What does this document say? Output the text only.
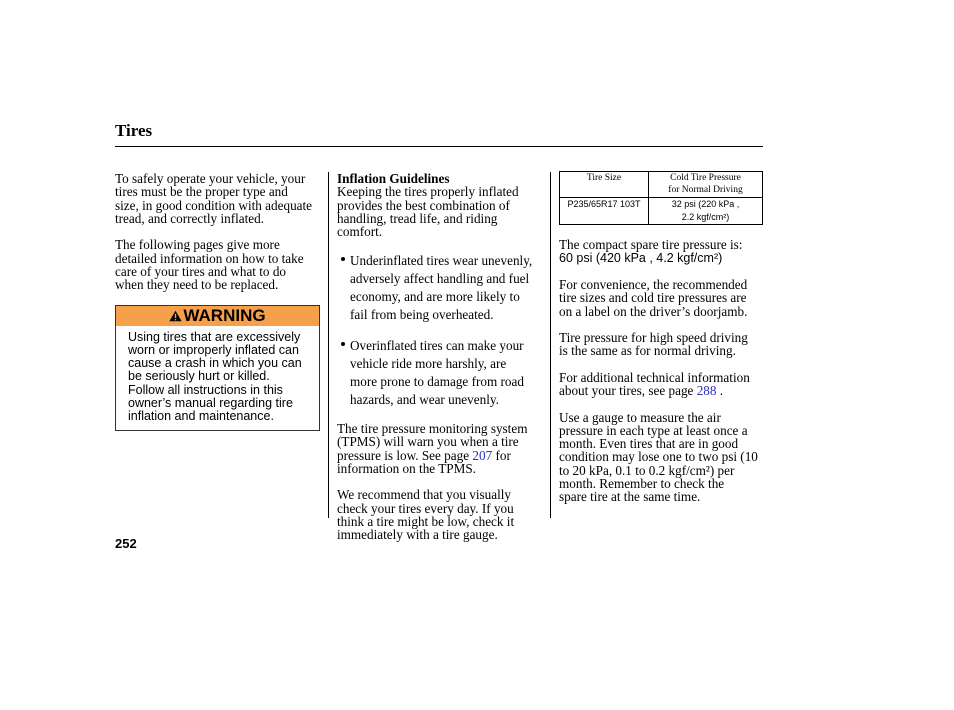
Tires

To safely operate your vehicle, your
tires must be the proper type and
size, in good condition with adequate
tread, and correctly inflated.

The following pages give more
detailed information on how to take
care of your tires and what to do
when they need to be replaced.

WARNING

Using tires that are excessively
worn or improperly inflated can
cause a crash in which you can
be seriously hurt or killed.

Follow all instructions in this
owner’s manual regarding tire
inflation and maintenance.

Inflation Guidelines

Keeping the tires properly inflated
provides the best combination of
handling, tread life, and riding
comfort.

Underinflated tires wear unevenly,
adversely affect handling and fuel
economy, and are more likely to
fail from being overheated.
Overinflated tires can make your
vehicle ride more harshly, are
more prone to damage from road
hazards, and wear unevenly.

The tire pressure monitoring system
(TPMS) will warn you when a tire
pressure is low. See page 207 for
information on the TPMS.

We recommend that you visually
check your tires every day. If you
think a tire might be low, check it
immediately with a tire gauge.

Tire Size	Cold Tire Pressure
for Normal Driving
P235/65R17 103T	32 psi (220 kPa ,
2.2 kgf/cm²)

The compact spare tire pressure is:

60 psi (420 kPa , 4.2 kgf/cm²)

For convenience, the recommended
tire sizes and cold tire pressures are
on a label on the driver’s doorjamb.

Tire pressure for high speed driving
is the same as for normal driving.

For additional technical information
about your tires, see page 288 .

Use a gauge to measure the air
pressure in each type at least once a
month. Even tires that are in good
condition may lose one to two psi (10
to 20 kPa, 0.1 to 0.2 kgf/cm²) per
month. Remember to check the
spare tire at the same time.

252
